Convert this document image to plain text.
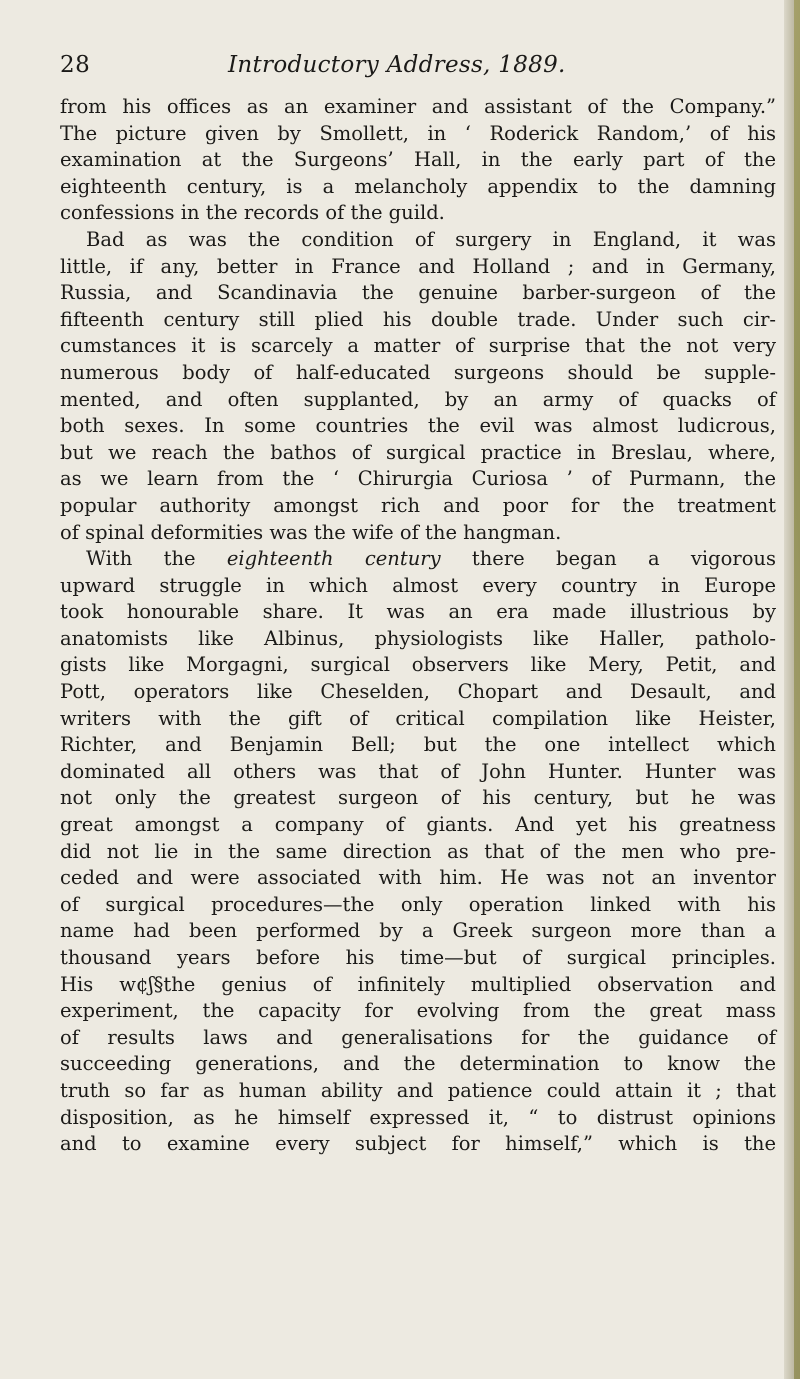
28	Introductory Address, 1889.
from his offices as an examiner and assistant of the Company.”
The picture given by Smollett, in ‘ Roderick Random,’ of his
examination at the Surgeons’ Hall, in the early part of the
eighteenth century, is a melancholy appendix to the damning
confessions in the records of the guild.
Bad as was the condition of surgery in England, it was
little, if any, better in France and Holland ; and in Germany,
Russia, and Scandinavia the genuine barber-surgeon of the
fifteenth century still plied his double trade. Under such cir-
cumstances it is scarcely a matter of surprise that the not very
numerous body of half-educated surgeons should be supple-
mented, and often supplanted, by an army of quacks of
both sexes. In some countries the evil was almost ludicrous,
but we reach the bathos of surgical practice in Breslau, where,
as we learn from the ‘ Chirurgia Curiosa ’ of Purmann, the
popular authority amongst rich and poor for the treatment
of spinal deformities was the wife of the hangman.
With the eighteenth century there began a vigorous
upward struggle in which almost every country in Europe
took honourable share. It was an era made illustrious by
anatomists like Albinus, physiologists like Haller, patholo-
gists like Morgagni, surgical observers like Mery, Petit, and
Pott, operators like Cheselden, Chopart and Desault, and
writers with the gift of critical compilation like Heister,
Richter, and Benjamin Bell; but the one intellect which
dominated all others was that of John Hunter. Hunter was
not only the greatest surgeon of his century, but he was
great amongst a company of giants. And yet his greatness
did not lie in the same direction as that of the men who pre-
ceded and were associated with him. He was not an inventor
of surgical procedures—the only operation linked with his
name had been performed by a Greek surgeon more than a
thousand years before his time—but of surgical principles.
His w¢ʃ§the genius of infinitely multiplied observation and
experiment, the capacity for evolving from the great mass
of results laws and generalisations for the guidance of
succeeding generations, and the determination to know the
truth so far as human ability and patience could attain it ; that
disposition, as he himself expressed it, “ to distrust opinions
and to examine every subject for himself,” which is the
